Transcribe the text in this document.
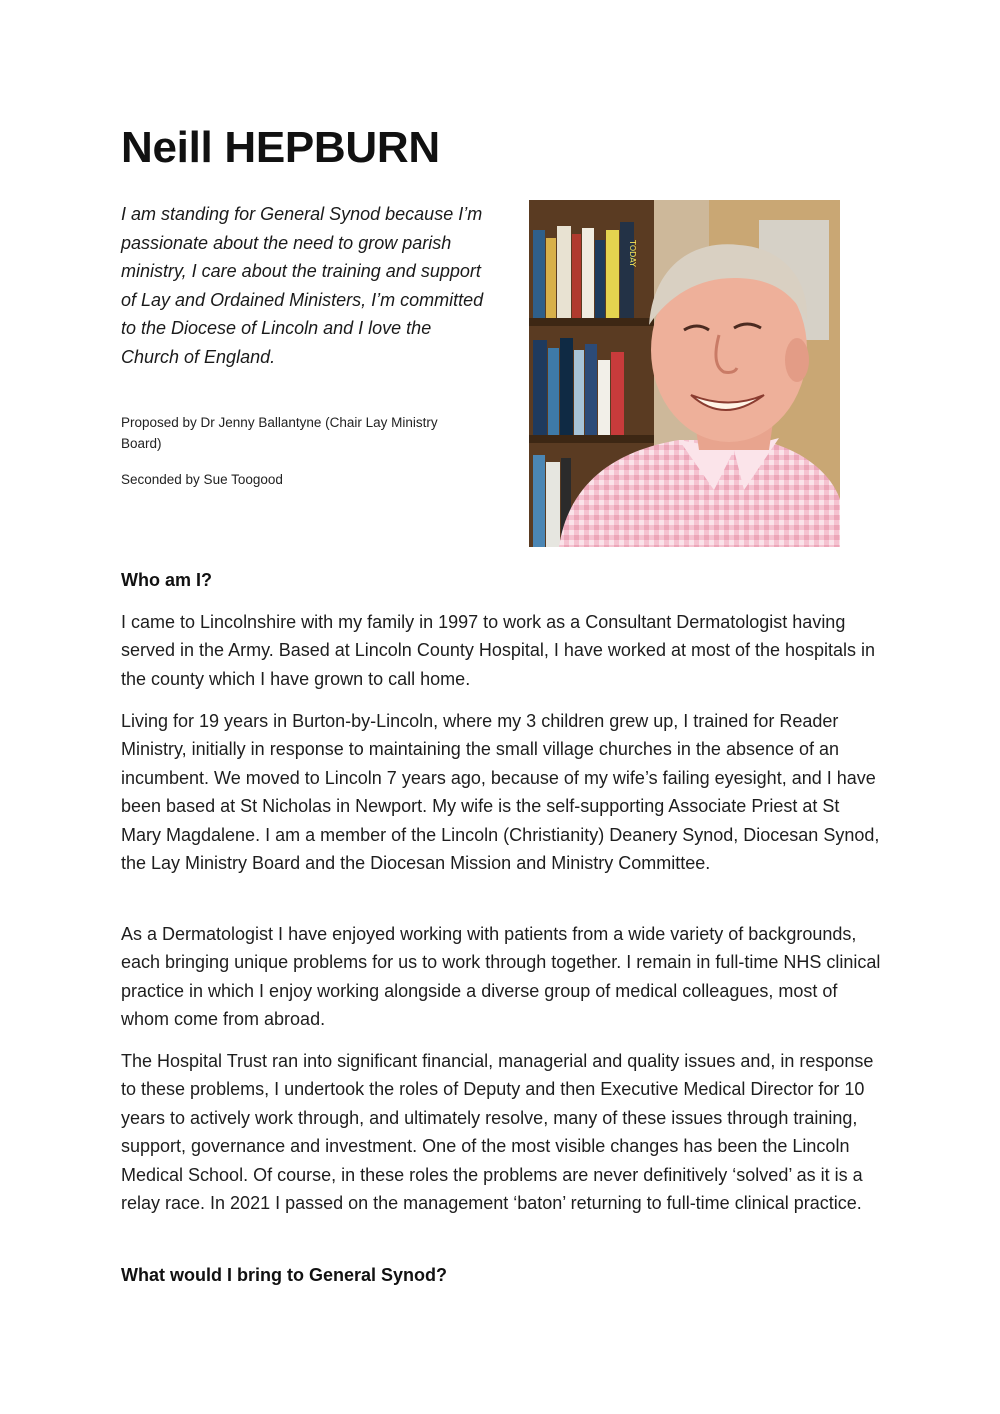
Neill HEPBURN

I am standing for General Synod because I’m passionate about the need to grow parish ministry, I care about the training and support of Lay and Ordained Ministers, I’m committed to the Diocese of Lincoln and I love the Church of England.

Proposed by Dr Jenny Ballantyne (Chair Lay Ministry Board)

Seconded by Sue Toogood

TODAY

Who am I?

I came to Lincolnshire with my family in 1997 to work as a Consultant Dermatologist having served in the Army. Based at Lincoln County Hospital, I have worked at most of the hospitals in the county which I have grown to call home.

Living for 19 years in Burton-by-Lincoln, where my 3 children grew up, I trained for Reader Ministry, initially in response to maintaining the small village churches in the absence of an incumbent. We moved to Lincoln 7 years ago, because of my wife’s failing eyesight, and I have been based at St Nicholas in Newport. My wife is the self-supporting Associate Priest at St Mary Magdalene. I am a member of the Lincoln (Christianity) Deanery Synod, Diocesan Synod, the Lay Ministry Board and the Diocesan Mission and Ministry Committee.

As a Dermatologist I have enjoyed working with patients from a wide variety of backgrounds, each bringing unique problems for us to work through together. I remain in full-time NHS clinical practice in which I enjoy working alongside a diverse group of medical colleagues, most of whom come from abroad.

The Hospital Trust ran into significant financial, managerial and quality issues and, in response to these problems, I undertook the roles of Deputy and then Executive Medical Director for 10 years to actively work through, and ultimately resolve, many of these issues through training, support, governance and investment. One of the most visible changes has been the Lincoln Medical School. Of course, in these roles the problems are never definitively ‘solved’ as it is a relay race. In 2021 I passed on the management ‘baton’ returning to full-time clinical practice.

What would I bring to General Synod?
